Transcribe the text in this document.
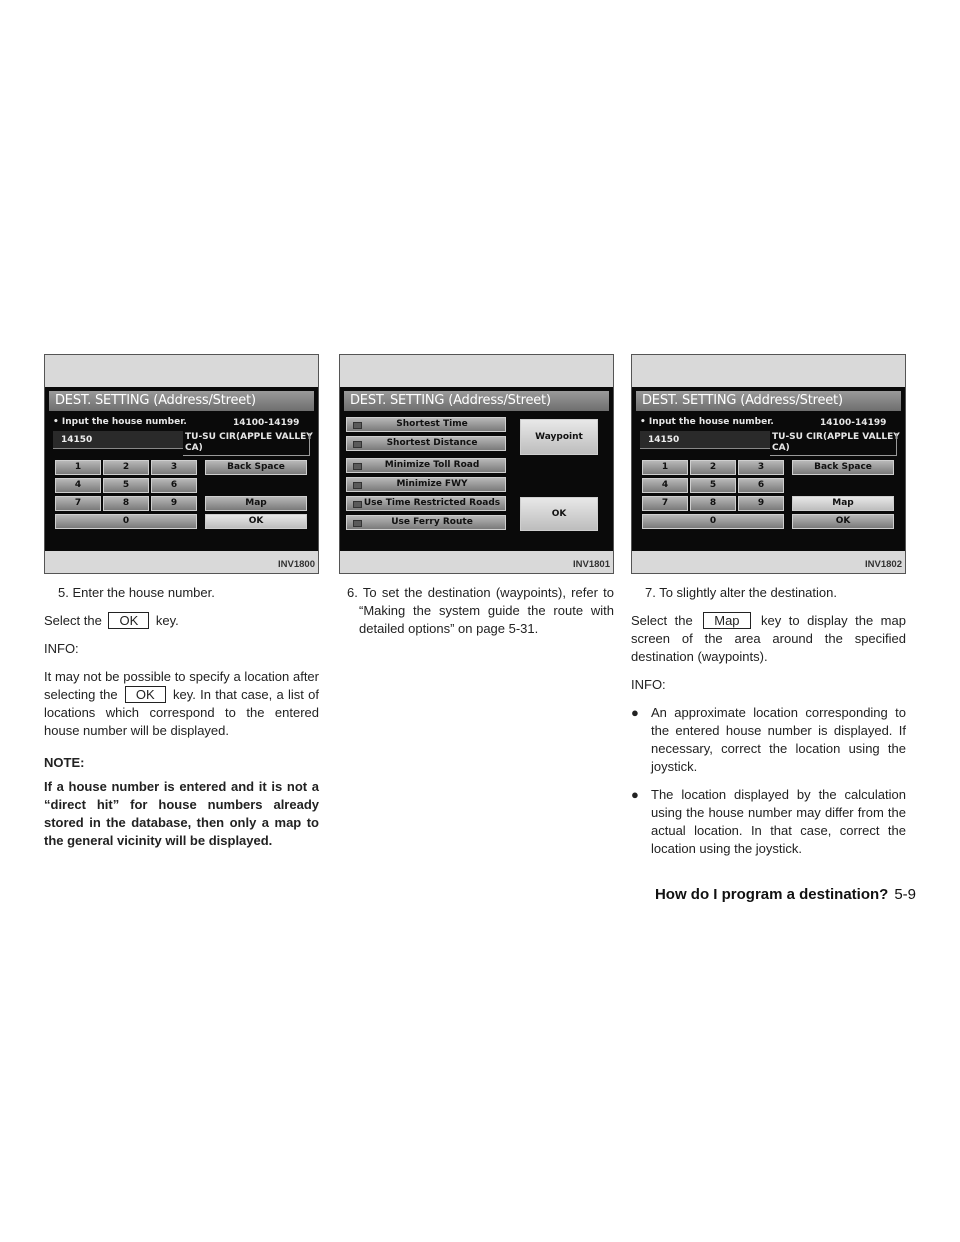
DEST. SETTING (Address/Street)
• Input the house number.	14100-14199
14150	TU-SU CIR(APPLE VALLEY
CA)
1	2	3	Back Space
4	5	6
7	8	9	Map
0	OK
INV1800
DEST. SETTING (Address/Street)
Shortest Time
Shortest Distance
Minimize Toll Road
Minimize FWY
Use Time Restricted Roads
Use Ferry Route
Waypoint
OK
INV1801
DEST. SETTING (Address/Street)
• Input the house number.	14100-14199
14150	TU-SU CIR(APPLE VALLEY
CA)
1	2	3	Back Space
4	5	6
7	8	9	Map
0	OK
INV1802

5. Enter the house number.

Select the OK key.

INFO:

It may not be possible to specify a location after selecting the OK key. In that case, a list of locations which correspond to the entered house number will be displayed.

NOTE:
If a house number is entered and it is not a “direct hit” for house numbers already stored in the database, then only a map to the general vicinity will be displayed.

6. To set the destination (waypoints), refer to “Making the system guide the route with detailed options” on page 5-31.

7. To slightly alter the destination.

Select the Map key to display the map screen of the area around the specified destination (waypoints).

INFO:

● An approximate location corresponding to the entered house number is displayed. If necessary, correct the location using the joystick.
● The location displayed by the calculation using the house number may differ from the actual location. In that case, correct the location using the joystick.
How do I program a destination? 5-9
